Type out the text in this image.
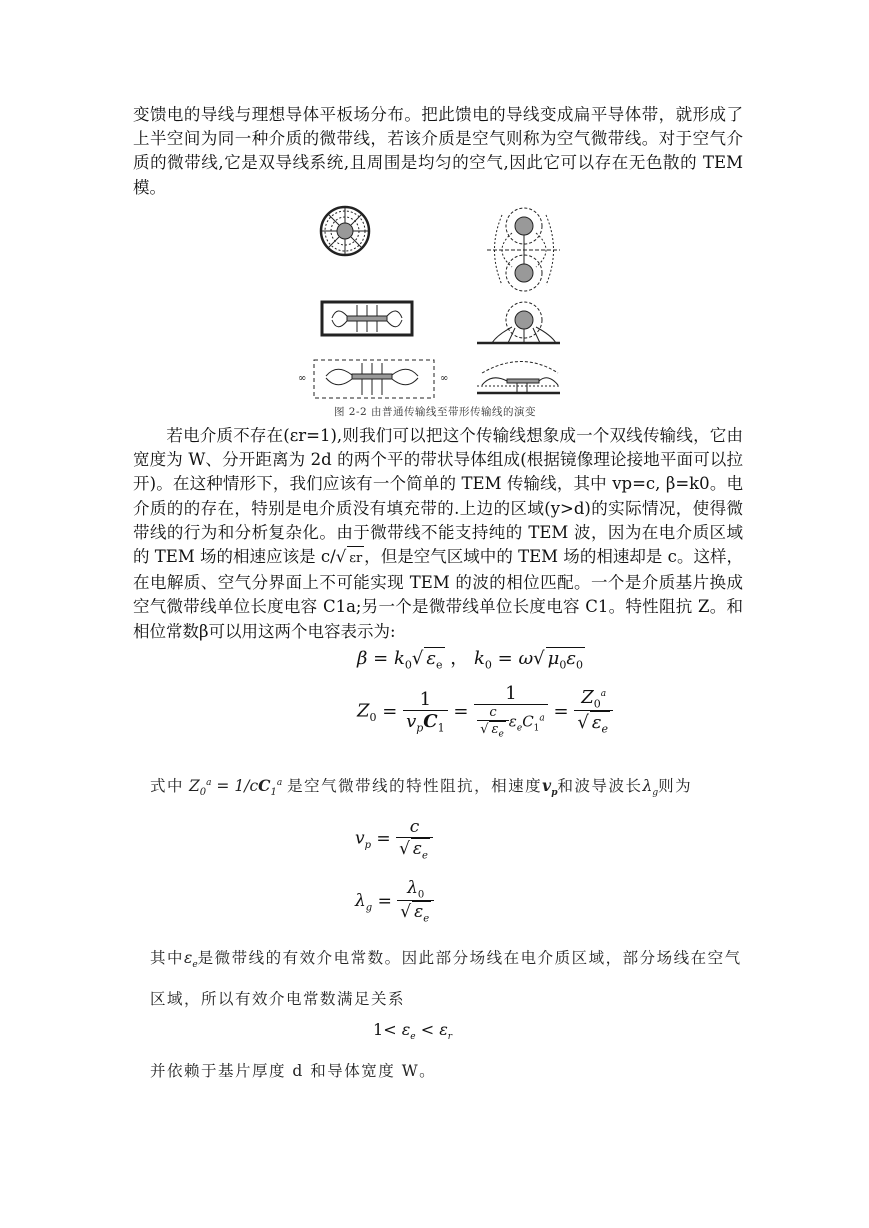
变馈电的导线与理想导体平板场分布。把此馈电的导线变成扁平导体带，就形成了上半空间为同一种介质的微带线，若该介质是空气则称为空气微带线。对于空气介质的微带线,它是双导线系统,且周围是均匀的空气,因此它可以存在无色散的 TEM 模。

∞	∞
图 2-2 由普通传输线至带形传输线的演变

　　若电介质不存在(εr=1),则我们可以把这个传输线想象成一个双线传输线，它由宽度为 W、分开距离为 2d 的两个平的带状导体组成(根据镜像理论接地平面可以拉开)。在这种情形下，我们应该有一个简单的 TEM 传输线，其中 vp=c, β=k0。电介质的的存在，特别是电介质没有填充带的.上边的区域(y>d)的实际情况，使得微带线的行为和分析复杂化。由于微带线不能支持纯的 TEM 波，因为在电介质区域的 TEM 场的相速应该是 c/√ εr ，但是空气区域中的 TEM 场的相速却是 c。这样，在电解质、空气分界面上不可能实现 TEM 的波的相位匹配。一个是介质基片换成空气微带线单位长度电容 C1a;另一个是微带线单位长度电容 C1。特性阻抗 Z。和相位常数β可以用这两个电容表示为:

$\beta = k_0√$ $\varepsilon_e$ ， $k_0 = \omega√$ $\mu_0\varepsilon_0$
$Z_0 = \frac{1}{v_pC_1} = \frac{1}{\frac{c}{√ \varepsilon_e} \varepsilon_eC_1^a} = \frac{Z_0^a}{√ \varepsilon_e}$
式中 $Z_0^a = 1/cC_1^a$ 是空气微带线的特性阻抗，相速度$v_p$和波导波长$\lambda_g$则为
$v_p = \frac{c}{√ \varepsilon_e}$
$\lambda_g = \frac{\lambda_0}{√ \varepsilon_e}$
其中$\varepsilon_e$是微带线的有效介电常数。因此部分场线在电介质区域，部分场线在空气
区域，所以有效介电常数满足关系
$1< \varepsilon_e < \varepsilon_r$
并依赖于基片厚度 d 和导体宽度 W。
